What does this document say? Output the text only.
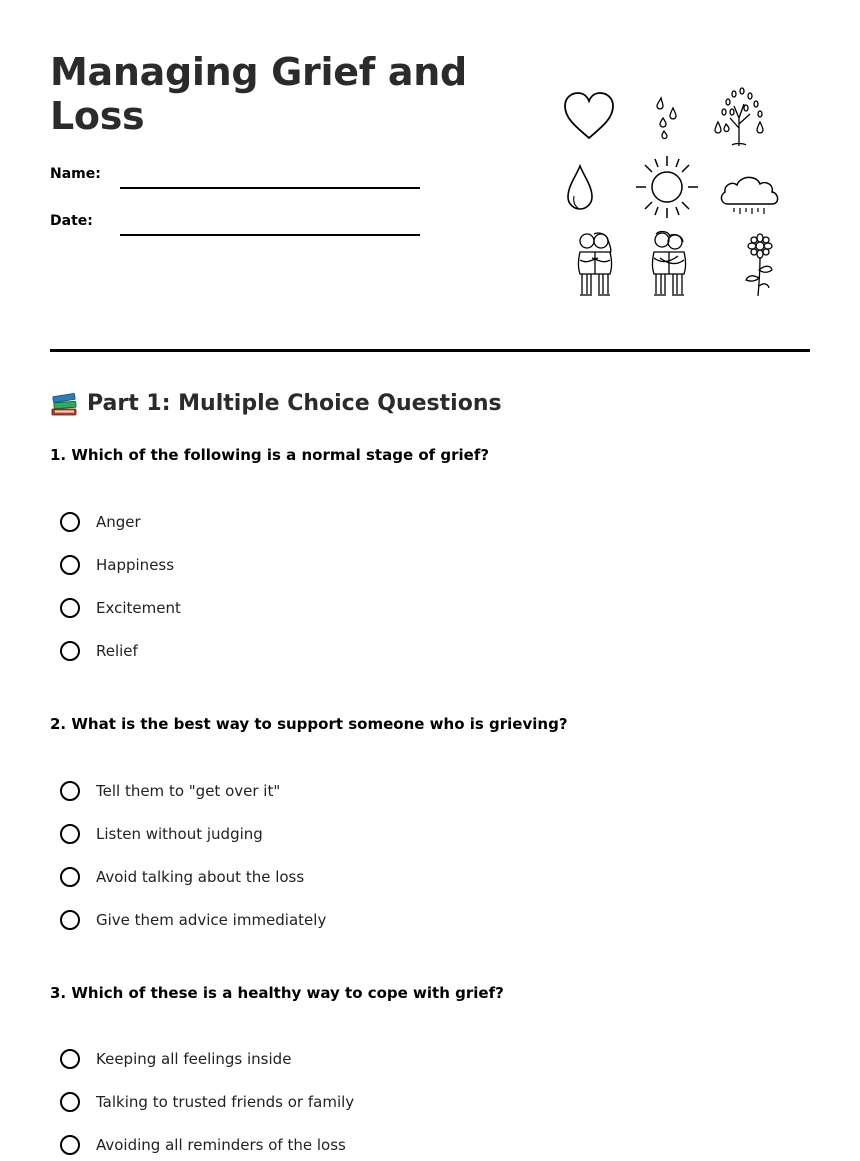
Managing Grief and
Loss
Name:
Date:
Part 1: Multiple Choice Questions

1. Which of the following is a normal stage of grief?

Anger
Happiness
Excitement
Relief

2. What is the best way to support someone who is grieving?

Tell them to "get over it"
Listen without judging
Avoid talking about the loss
Give them advice immediately

3. Which of these is a healthy way to cope with grief?

Keeping all feelings inside
Talking to trusted friends or family
Avoiding all reminders of the loss
